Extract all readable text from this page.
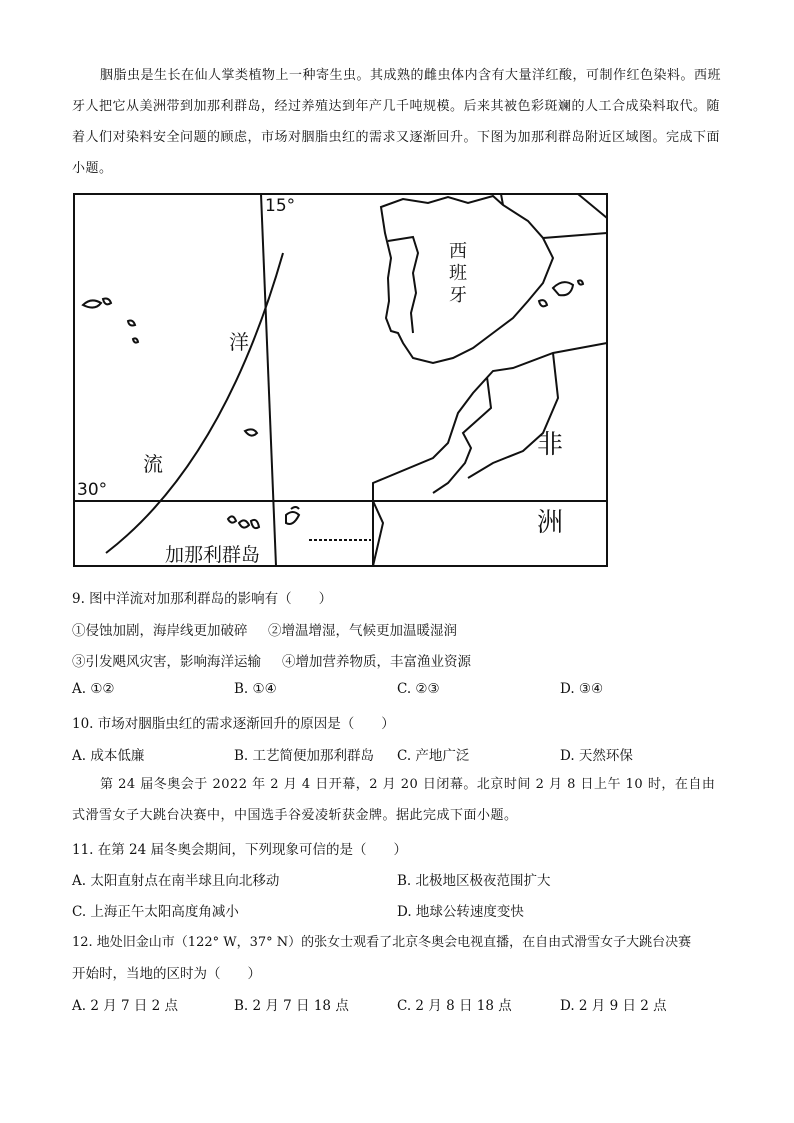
胭脂虫是生长在仙人掌类植物上一种寄生虫。其成熟的雌虫体内含有大量洋红酸，可制作红色染料。西班牙人把它从美洲带到加那利群岛，经过养殖达到年产几千吨规模。后来其被色彩斑斓的人工合成染料取代。随着人们对染料安全问题的顾虑，市场对胭脂虫红的需求又逐渐回升。下图为加那利群岛附近区域图。完成下面小题。
15°
30°
西
班
牙
非
洲
洋
流
加那利群岛
9. 图中洋流对加那利群岛的影响有（　　）
①侵蚀加剧，海岸线更加破碎 ②增温增湿，气候更加温暖湿润
③引发飓风灾害，影响海洋运输 ④增加营养物质，丰富渔业资源
A. ①②	B. ①④	C. ②③	D. ③④
10. 市场对胭脂虫红的需求逐渐回升的原因是（　　）
A. 成本低廉	B. 工艺简便加那利群岛 C. 产地广泛	D. 天然环保
第 24 届冬奥会于 2022 年 2 月 4 日开幕，2 月 20 日闭幕。北京时间 2 月 8 日上午 10 时，在自由式滑雪女子大跳台决赛中，中国选手谷爱凌斩获金牌。据此完成下面小题。
11. 在第 24 届冬奥会期间，下列现象可信的是（　　）
A. 太阳直射点在南半球且向北移动	B. 北极地区极夜范围扩大
C. 上海正午太阳高度角减小	D. 地球公转速度变快
12. 地处旧金山市（122° W，37° N）的张女士观看了北京冬奥会电视直播，在自由式滑雪女子大跳台决赛
开始时，当地的区时为（　　）
A. 2 月 7 日 2 点	B. 2 月 7 日 18 点	C. 2 月 8 日 18 点	D. 2 月 9 日 2 点
